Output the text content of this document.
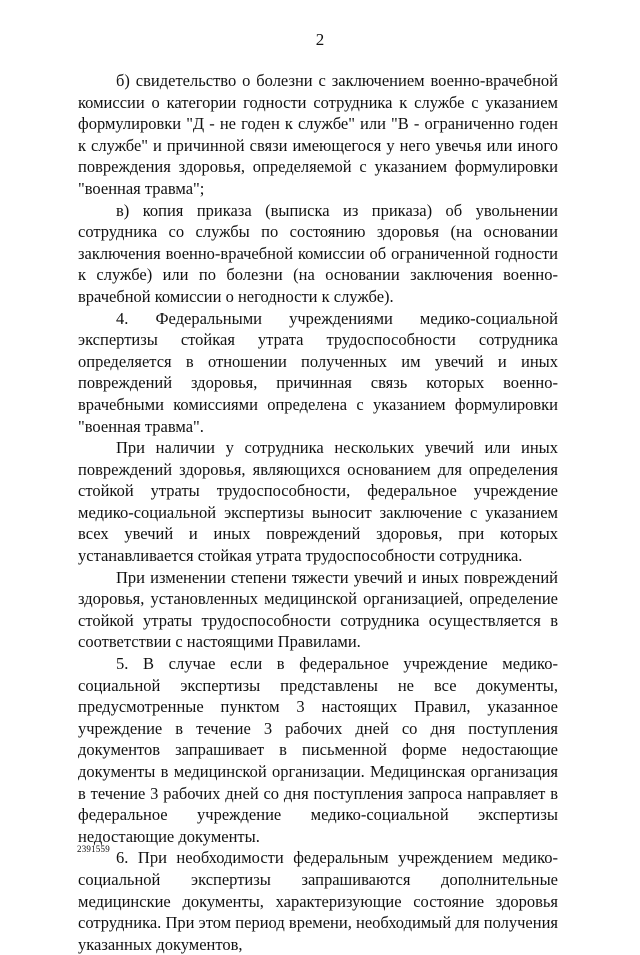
2

б) свидетельство о болезни с заключением военно-врачебной комиссии о категории годности сотрудника к службе с указанием формулировки "Д - не годен к службе" или "В - ограниченно годен к службе" и причинной связи имеющегося у него увечья или иного повреждения здоровья, определяемой с указанием формулировки "военная травма";

в) копия приказа (выписка из приказа) об увольнении сотрудника со службы по состоянию здоровья (на основании заключения военно-врачебной комиссии об ограниченной годности к службе) или по болезни (на основании заключения военно-врачебной комиссии о негодности к службе).

4. Федеральными учреждениями медико-социальной экспертизы стойкая утрата трудоспособности сотрудника определяется в отношении полученных им увечий и иных повреждений здоровья, причинная связь которых военно-врачебными комиссиями определена с указанием формулировки "военная травма".

При наличии у сотрудника нескольких увечий или иных повреждений здоровья, являющихся основанием для определения стойкой утраты трудоспособности, федеральное учреждение медико-социальной экспертизы выносит заключение с указанием всех увечий и иных повреждений здоровья, при которых устанавливается стойкая утрата трудоспособности сотрудника.

При изменении степени тяжести увечий и иных повреждений здоровья, установленных медицинской организацией, определение стойкой утраты трудоспособности сотрудника осуществляется в соответствии с настоящими Правилами.

5. В случае если в федеральное учреждение медико-социальной экспертизы представлены не все документы, предусмотренные пунктом 3 настоящих Правил, указанное учреждение в течение 3 рабочих дней со дня поступления документов запрашивает в письменной форме недостающие документы в медицинской организации. Медицинская организация в течение 3 рабочих дней со дня поступления запроса направляет в федеральное учреждение медико-социальной экспертизы недостающие документы.

6. При необходимости федеральным учреждением медико-социальной экспертизы запрашиваются дополнительные медицинские документы, характеризующие состояние здоровья сотрудника. При этом период времени, необходимый для получения указанных документов,

2391559
